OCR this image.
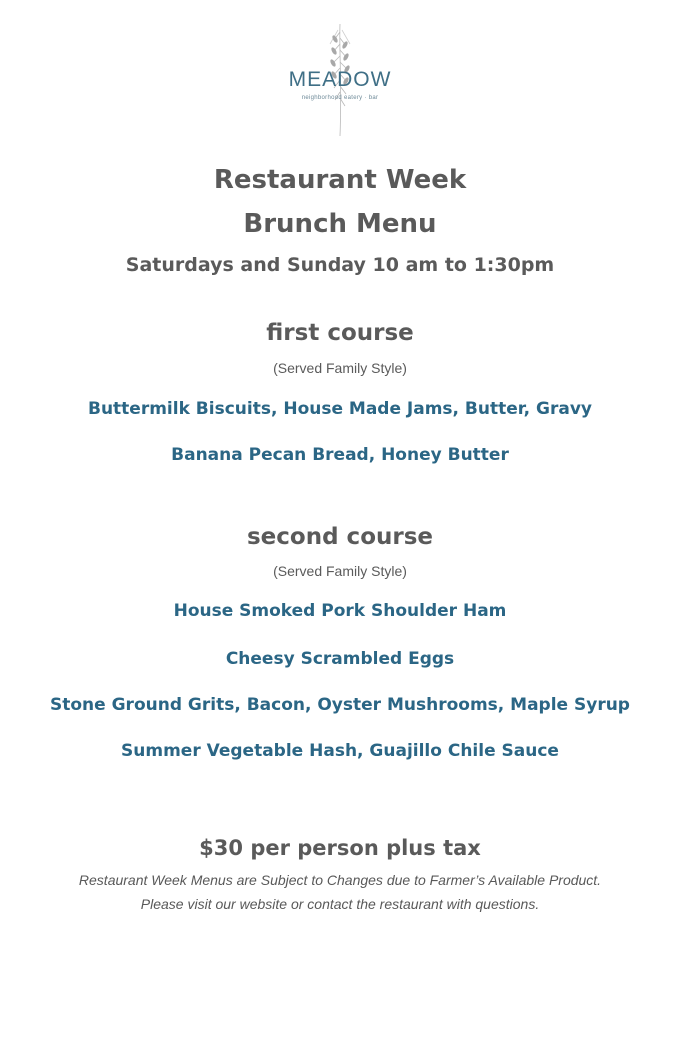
MEADOW
neighborhood eatery · bar
Restaurant Week
Brunch Menu
Saturdays and Sunday 10 am to 1:30pm
first course
(Served Family Style)
Buttermilk Biscuits, House Made Jams, Butter, Gravy
Banana Pecan Bread, Honey Butter
second course
(Served Family Style)
House Smoked Pork Shoulder Ham
Cheesy Scrambled Eggs
Stone Ground Grits, Bacon, Oyster Mushrooms, Maple Syrup
Summer Vegetable Hash, Guajillo Chile Sauce
$30 per person plus tax
Restaurant Week Menus are Subject to Changes due to Farmer’s Available Product.
Please visit our website or contact the restaurant with questions.
